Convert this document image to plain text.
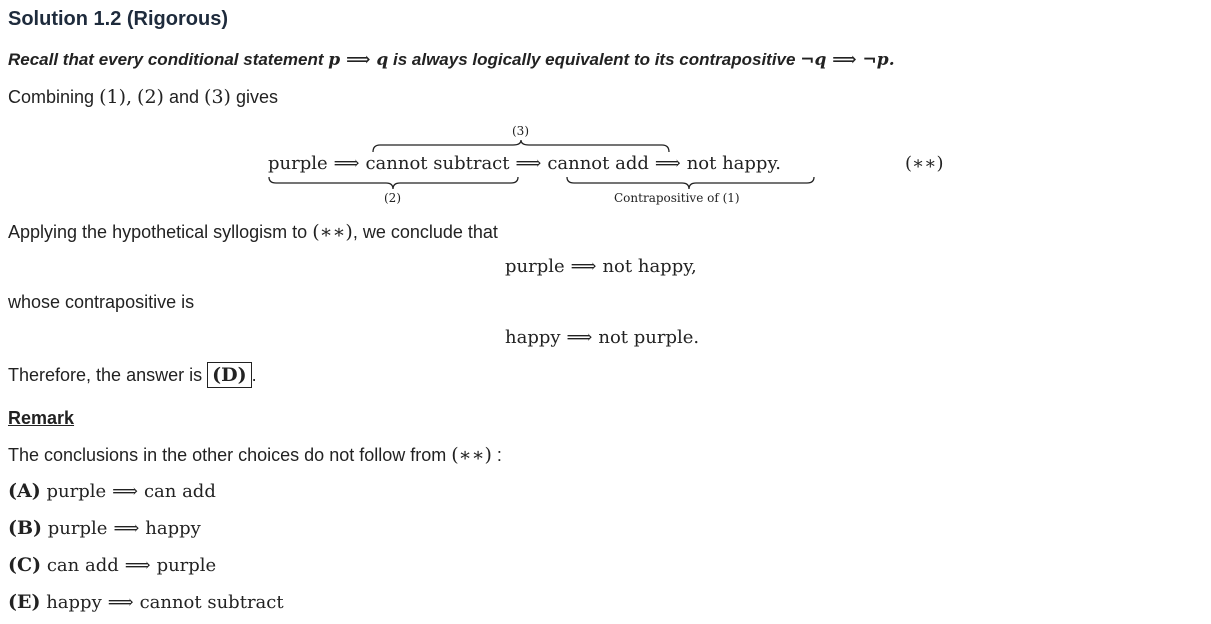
Solution 1.2 (Rigorous)
Recall that every conditional statement p ⟹ q is always logically equivalent to its contrapositive ¬q ⟹ ¬p.
Combining (1), (2) and (3) gives
(3)
purple ⟹ cannot subtract ⟹ cannot add ⟹ not happy.	(∗∗)
(2)	Contrapositive of (1)
Applying the hypothetical syllogism to (∗∗), we conclude that
purple ⟹ not happy,
whose contrapositive is
happy ⟹ not purple.
Therefore, the answer is (D) .
Remark
The conclusions in the other choices do not follow from (∗∗) :
(A) purple ⟹ can add
(B) purple ⟹ happy
(C) can add ⟹ purple
(E) happy ⟹ cannot subtract
